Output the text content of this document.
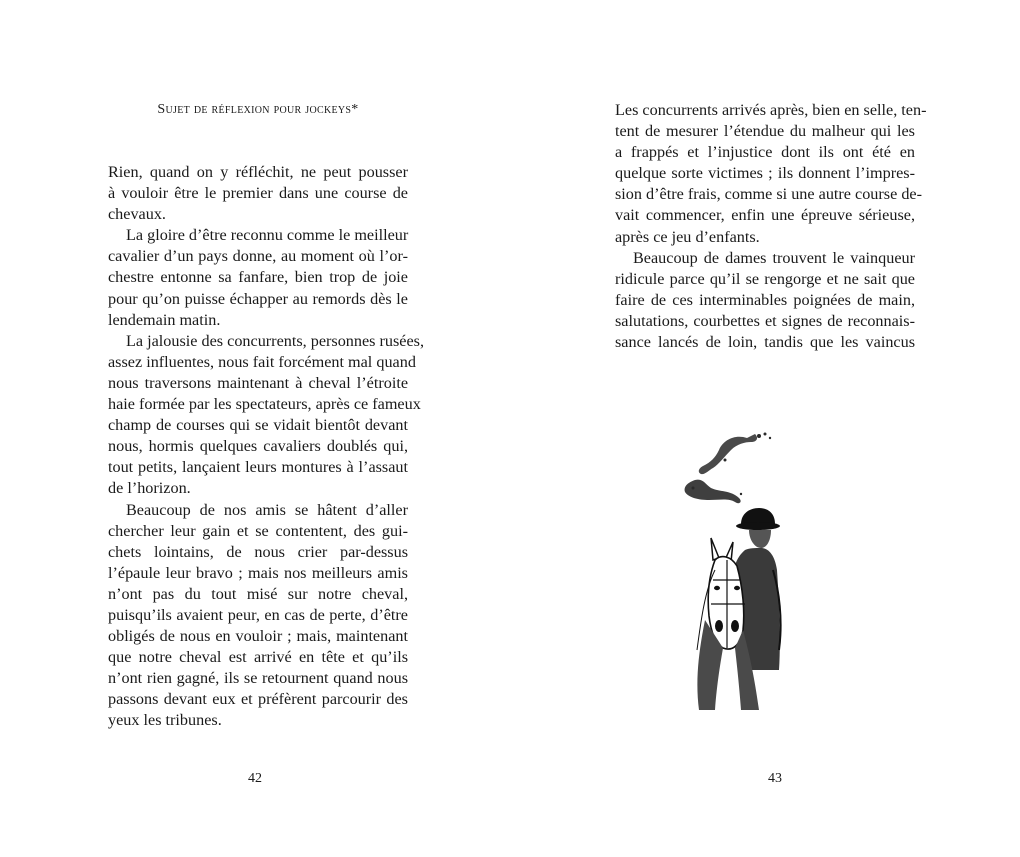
Sujet de réflexion pour jockeys*
Rien, quand on y réfléchit, ne peut pousser
à vouloir être le premier dans une course de
chevaux.
La gloire d’être reconnu comme le meilleur
cavalier d’un pays donne, au moment où l’or-
chestre entonne sa fanfare, bien trop de joie
pour qu’on puisse échapper au remords dès le
lendemain matin.
La jalousie des concurrents, personnes rusées,
assez influentes, nous fait forcément mal quand
nous traversons maintenant à cheval l’étroite
haie formée par les spectateurs, après ce fameux
champ de courses qui se vidait bientôt devant
nous, hormis quelques cavaliers doublés qui,
tout petits, lançaient leurs montures à l’assaut
de l’horizon.
Beaucoup de nos amis se hâtent d’aller
chercher leur gain et se contentent, des gui-
chets lointains, de nous crier par-dessus
l’épaule leur bravo ; mais nos meilleurs amis
n’ont pas du tout misé sur notre cheval,
puisqu’ils avaient peur, en cas de perte, d’être
obligés de nous en vouloir ; mais, maintenant
que notre cheval est arrivé en tête et qu’ils
n’ont rien gagné, ils se retournent quand nous
passons devant eux et préfèrent parcourir des
yeux les tribunes.
42
Les concurrents arrivés après, bien en selle, ten-
tent de mesurer l’étendue du malheur qui les
a frappés et l’injustice dont ils ont été en
quelque sorte victimes ; ils donnent l’impres-
sion d’être frais, comme si une autre course de-
vait commencer, enfin une épreuve sérieuse,
après ce jeu d’enfants.
Beaucoup de dames trouvent le vainqueur
ridicule parce qu’il se rengorge et ne sait que
faire de ces interminables poignées de main,
salutations, courbettes et signes de reconnais-
sance lancés de loin, tandis que les vaincus
43
